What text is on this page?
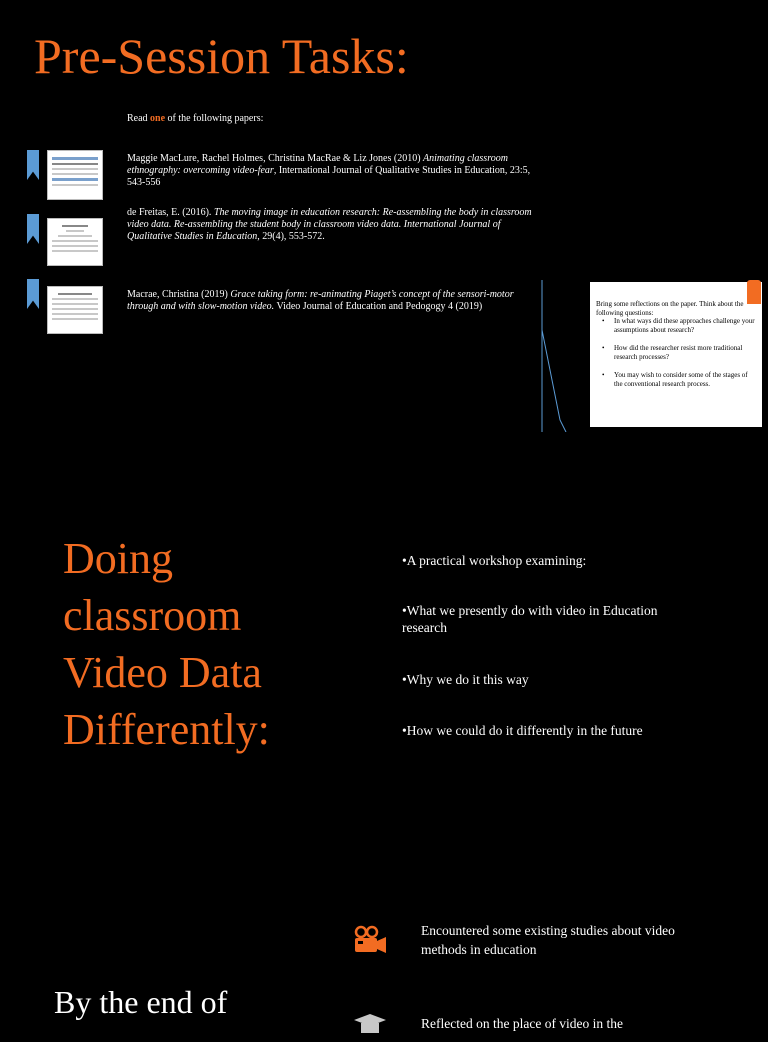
Pre-Session Tasks:
Read one of the following papers:
Maggie MacLure, Rachel Holmes, Christina MacRae & Liz Jones (2010) Animating classroom ethnography: overcoming video-fear, International Journal of Qualitative Studies in Education, 23:5, 543-556
de Freitas, E. (2016). The moving image in education research: Re-assembling the body in classroom video data. Re-assembling the student body in classroom video data. International Journal of Qualitative Studies in Education, 29(4), 553-572.
Macrae, Christina (2019) Grace taking form: re-animating Piaget’s concept of the sensori-motor through and with slow-motion video. Video Journal of Education and Pedogogy 4 (2019)	Bring some reflections on the paper. Think about the following questions:
• In what ways did these approaches challenge your assumptions about research?
• How did the researcher resist more traditional research processes?
• You may wish to consider some of the stages of the conventional research process.
Doing classroom Video Data Differently:
•A practical workshop examining:
•What we presently do with video in Education research
•Why we do it this way
•How we could do it differently in the future
Encountered some existing studies about video methods in education
Reflected on the place of video in the
By the end of
